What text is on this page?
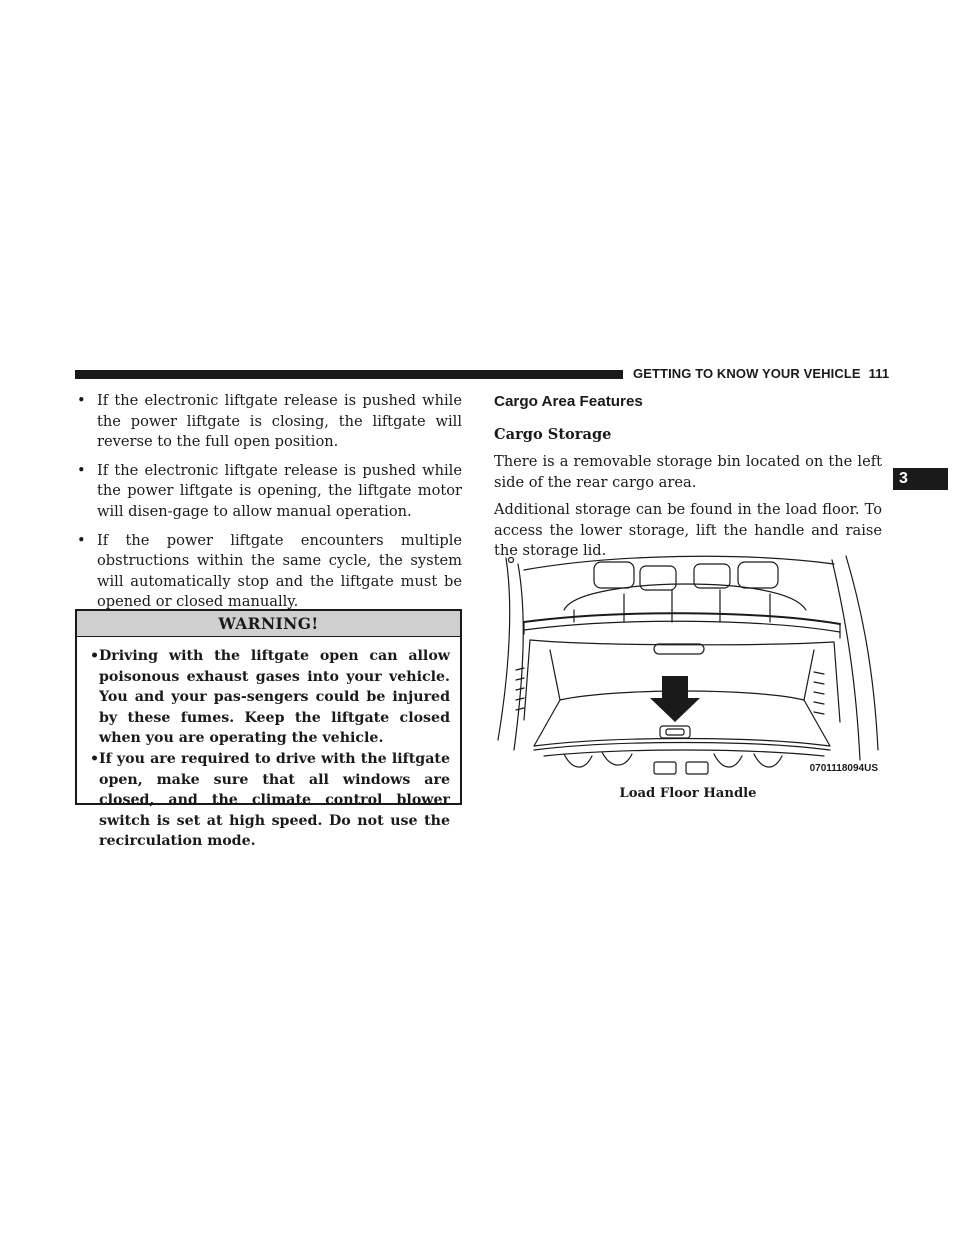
GETTING TO KNOW YOUR VEHICLE 111
3
• If the electronic liftgate release is pushed while the power liftgate is closing, the liftgate will reverse to the full open position.
• If the electronic liftgate release is pushed while the power liftgate is opening, the liftgate motor will disen-gage to allow manual operation.
• If the power liftgate encounters multiple obstructions within the same cycle, the system will automatically stop and the liftgate must be opened or closed manually.
WARNING!
• Driving with the liftgate open can allow poisonous exhaust gases into your vehicle. You and your pas-sengers could be injured by these fumes. Keep the liftgate closed when you are operating the vehicle.
• If you are required to drive with the liftgate open, make sure that all windows are closed, and the climate control blower switch is set at high speed. Do not use the recirculation mode.
Cargo Area Features
Cargo Storage
There is a removable storage bin located on the left side of the rear cargo area.
Additional storage can be found in the load floor. To access the lower storage, lift the handle and raise the storage lid.
0701118094US
Load Floor Handle
